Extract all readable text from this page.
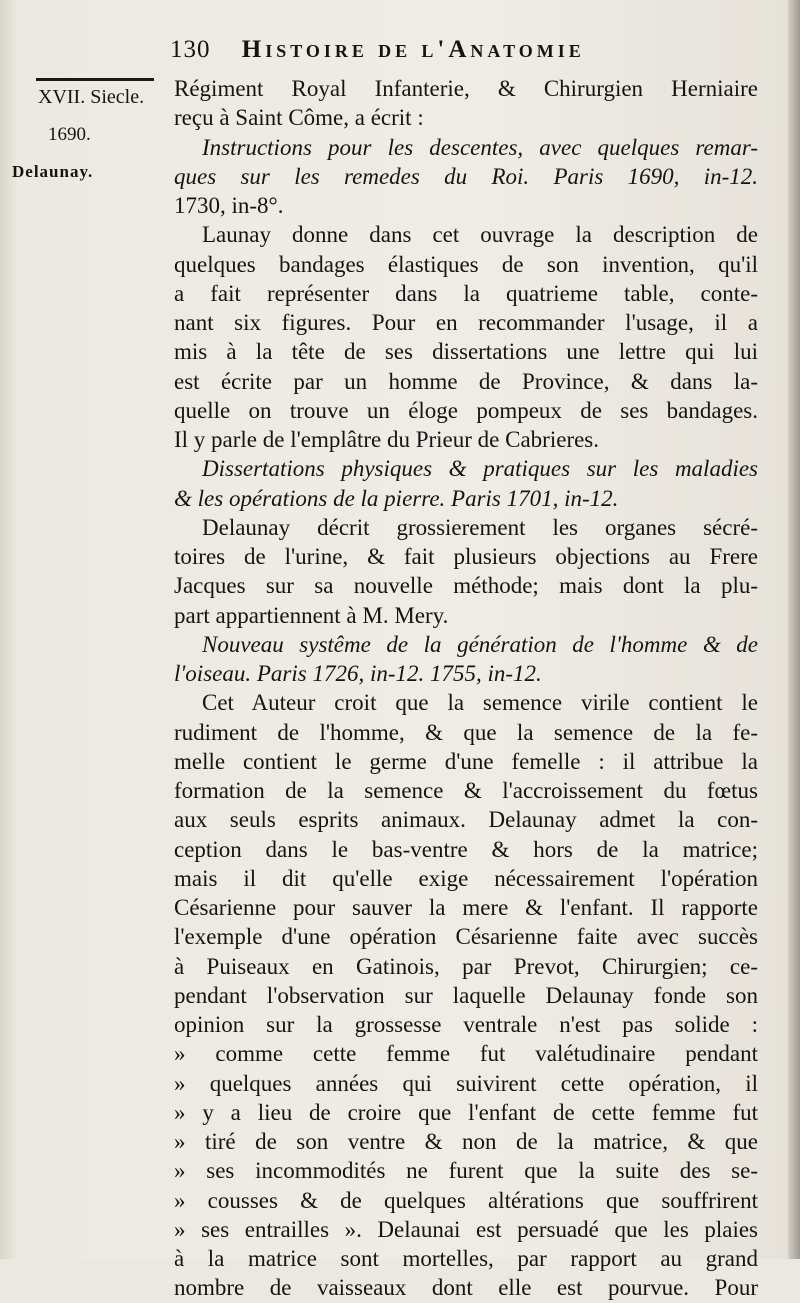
130 Histoire de l'Anatomie
XVII. Siecle.
1690.
Delaunay.
Régiment Royal Infanterie, & Chirurgien Herniaire
reçu à Saint Côme, a écrit :
Instructions pour les descentes, avec quelques remar-
ques sur les remedes du Roi. Paris 1690, in-12.
1730, in-8°.
Launay donne dans cet ouvrage la description de
quelques bandages élastiques de son invention, qu'il
a fait représenter dans la quatrieme table, conte-
nant six figures. Pour en recommander l'usage, il a
mis à la tête de ses dissertations une lettre qui lui
est écrite par un homme de Province, & dans la-
quelle on trouve un éloge pompeux de ses bandages.
Il y parle de l'emplâtre du Prieur de Cabrieres.
Dissertations physiques & pratiques sur les maladies
& les opérations de la pierre. Paris 1701, in-12.
Delaunay décrit grossierement les organes sécré-
toires de l'urine, & fait plusieurs objections au Frere
Jacques sur sa nouvelle méthode; mais dont la plu-
part appartiennent à M. Mery.
Nouveau systême de la génération de l'homme & de
l'oiseau. Paris 1726, in-12. 1755, in-12.
Cet Auteur croit que la semence virile contient le
rudiment de l'homme, & que la semence de la fe-
melle contient le germe d'une femelle : il attribue la
formation de la semence & l'accroissement du fœtus
aux seuls esprits animaux. Delaunay admet la con-
ception dans le bas-ventre & hors de la matrice;
mais il dit qu'elle exige nécessairement l'opération
Césarienne pour sauver la mere & l'enfant. Il rapporte
l'exemple d'une opération Césarienne faite avec succès
à Puiseaux en Gatinois, par Prevot, Chirurgien; ce-
pendant l'observation sur laquelle Delaunay fonde son
opinion sur la grossesse ventrale n'est pas solide :
» comme cette femme fut valétudinaire pendant
» quelques années qui suivirent cette opération, il
» y a lieu de croire que l'enfant de cette femme fut
» tiré de son ventre & non de la matrice, & que
» ses incommodités ne furent que la suite des se-
» cousses & de quelques altérations que souffrirent
» ses entrailles ». Delaunai est persuadé que les plaies
à la matrice sont mortelles, par rapport au grand
nombre de vaisseaux dont elle est pourvue. Pour
